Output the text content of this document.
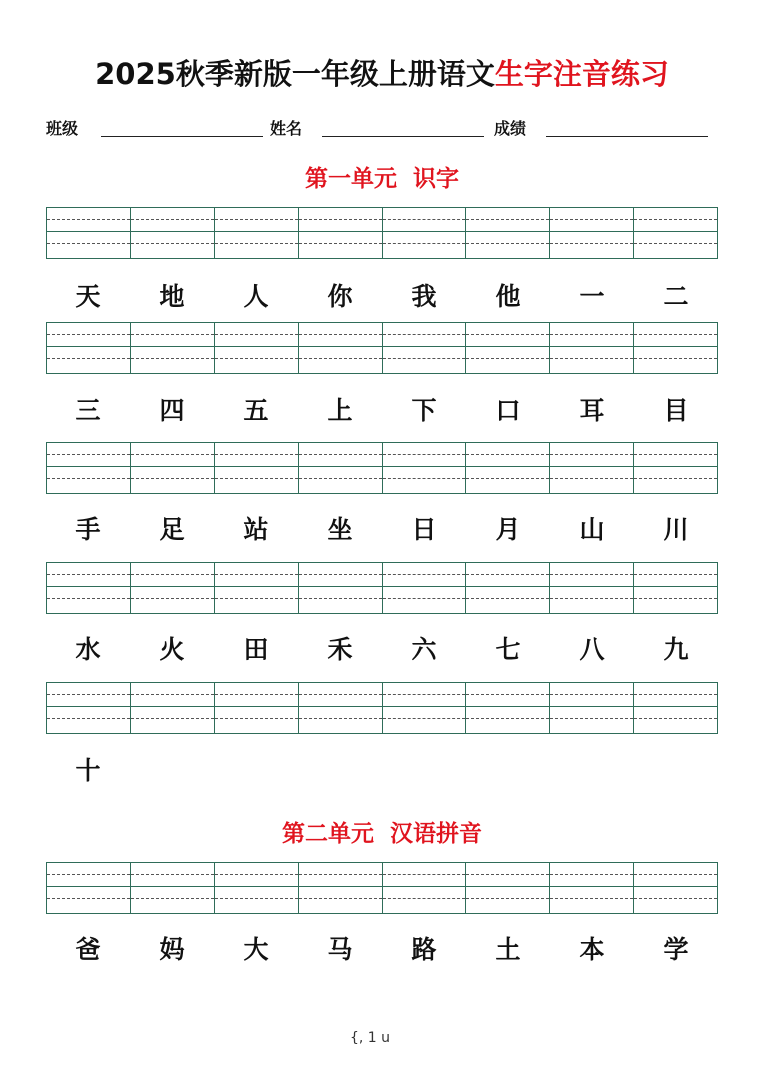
2025秋季新版一年级上册语文生字注音练习
班级	姓名	成绩
第一单元  识字
天	地	人	你	我	他	一	二
三	四	五	上	下	口	耳	目
手	足	站	坐	日	月	山	川
水	火	田	禾	六	七	八	九
十
第二单元  汉语拼音
爸	妈	大	马	路	土	本	学
{, 1 u
